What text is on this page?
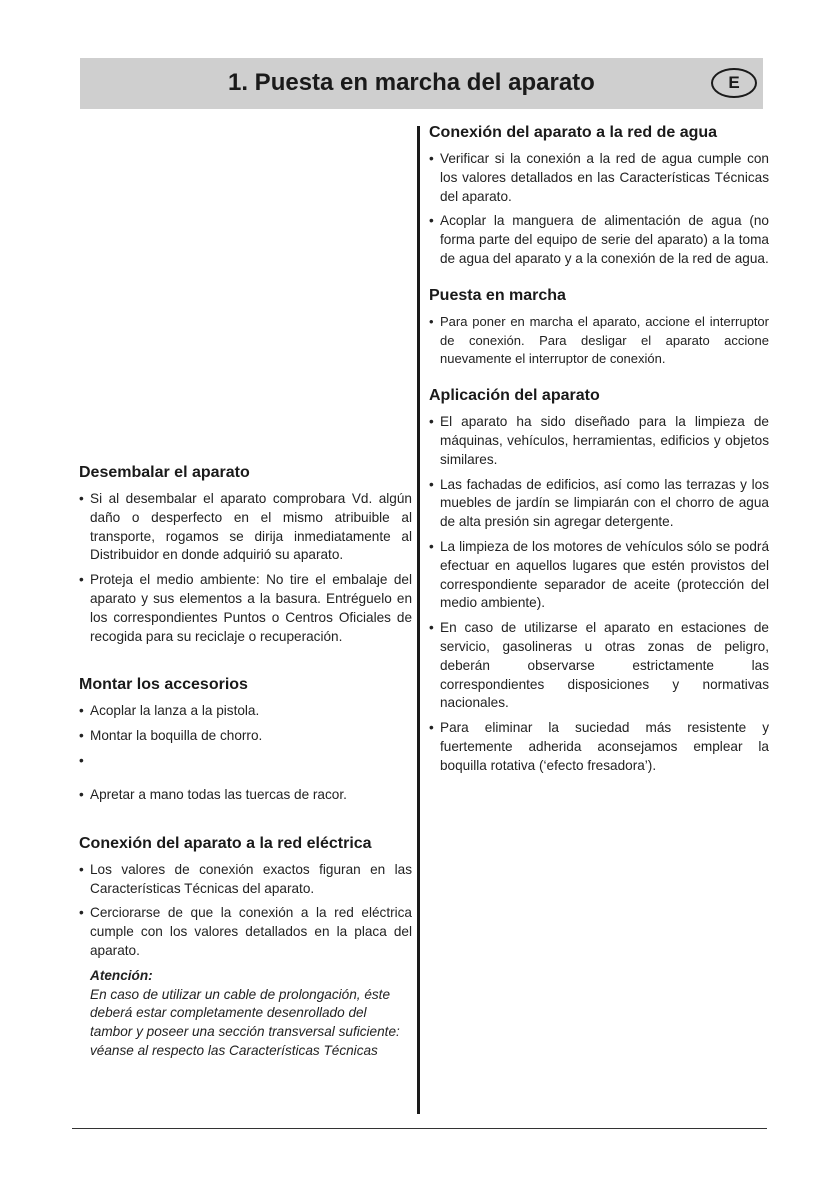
1. Puesta en marcha del aparato	E
Desembalar el aparato
• Si al desembalar el aparato comprobara Vd. algún daño o desperfecto en el mismo atribuible al transporte, rogamos se dirija inmediatamente al Distribuidor en donde adquirió su aparato.
• Proteja el medio ambiente: No tire el embalaje del aparato y sus elementos a la basura. Entréguelo en los correspondientes Puntos o Centros Oficiales de recogida para su reciclaje o recuperación.
Montar los accesorios
• Acoplar la lanza a la pistola.
• Montar la boquilla de chorro.
•
• Apretar a mano todas las tuercas de racor.
Conexión del aparato a la red eléctrica
• Los valores de conexión exactos figuran en las Características Técnicas del aparato.
• Cerciorarse de que la conexión a la red eléctrica cumple con los valores detallados en la placa del aparato.
Atención:
En caso de utilizar un cable de prolongación, éste deberá estar completamente desenrollado del tambor y poseer una sección transversal suficiente:
véanse al respecto las Características Técnicas
Conexión del aparato a la red de agua
• Verificar si la conexión a la red de agua cumple con los valores detallados en las Características Técnicas del aparato.
• Acoplar la manguera de alimentación de agua (no forma parte del equipo de serie del aparato) a la toma de agua del aparato y a la conexión de la red de agua.
Puesta en marcha
• Para poner en marcha el aparato, accione el interruptor de conexión. Para desligar el aparato accione nuevamente el interruptor de conexión.
Aplicación del aparato
• El aparato ha sido diseñado para la limpieza de máquinas, vehículos, herramientas, edificios y objetos similares.
• Las fachadas de edificios, así como las terrazas y los muebles de jardín se limpiarán con el chorro de agua de alta presión sin agregar detergente.
• La limpieza de los motores de vehículos sólo se podrá efectuar en aquellos lugares que estén provistos del correspondiente separador de aceite (protección del medio ambiente).
• En caso de utilizarse el aparato en estaciones de servicio, gasolineras u otras zonas de peligro, deberán observarse estrictamente las correspondientes disposiciones y normativas nacionales.
• Para eliminar la suciedad más resistente y fuertemente adherida aconsejamos emplear la boquilla rotativa (‘efecto fresadora’).
